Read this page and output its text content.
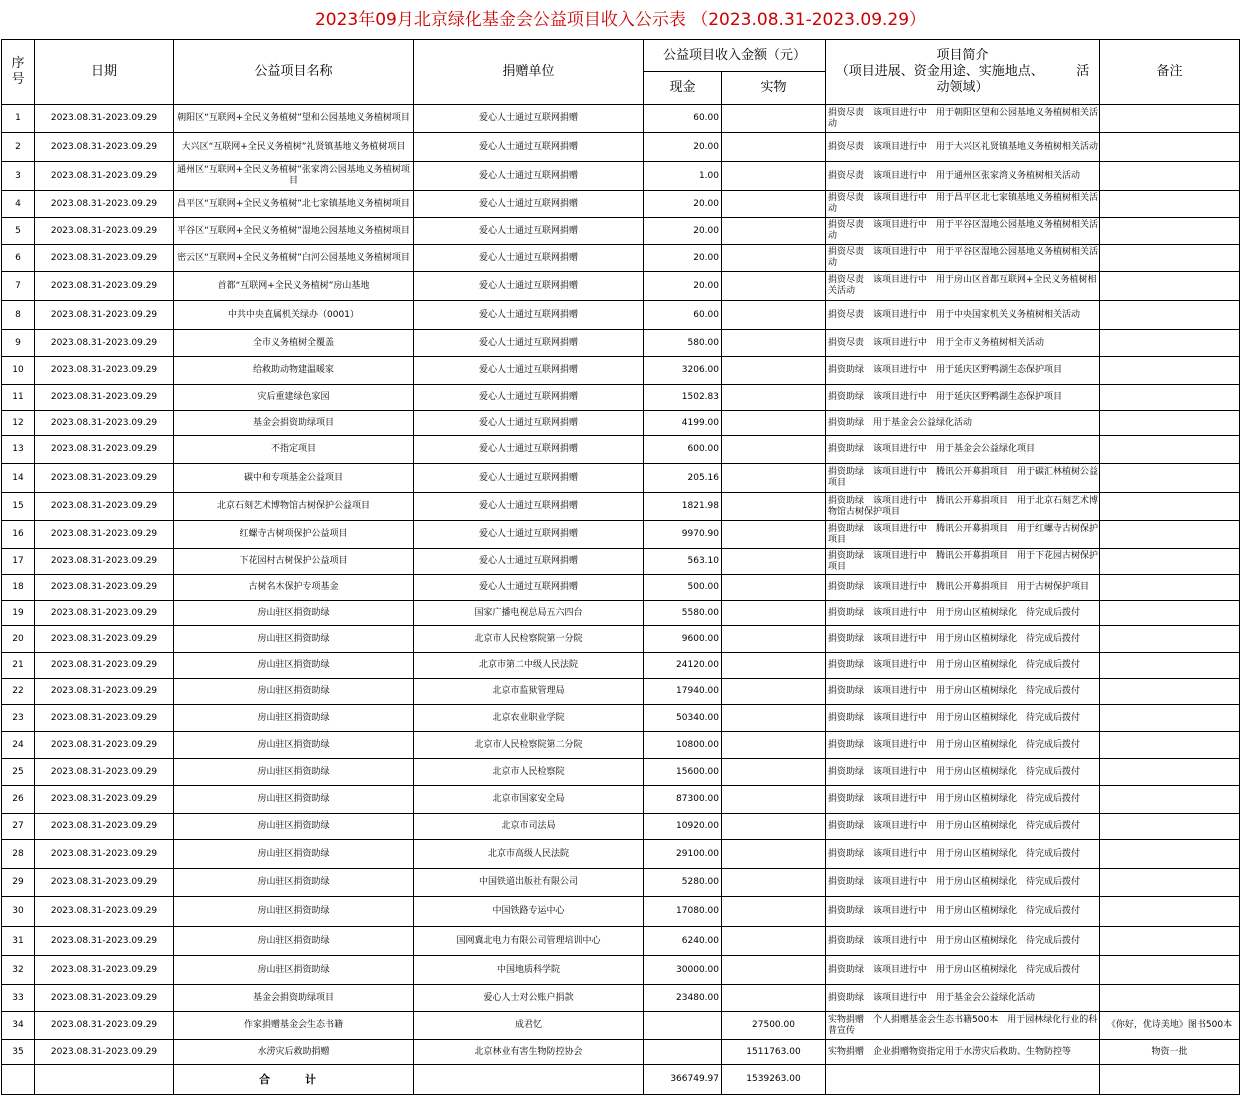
2023年09月北京绿化基金会公益项目收入公示表 （2023.08.31-2023.09.29）
序
号	日期	公益项目名称	捐赠单位	公益项目收入金额（元）		项目简介
（项目进展、资金用途、实施地点、　　　活
动领域）	备注
				现金	实物		
1	2023.08.31-2023.09.29	朝阳区“互联网+全民义务植树”望和公园基地义务植树项目	爱心人士通过互联网捐赠	60.00		捐资尽责　该项目进行中　用于朝阳区望和公园基地义务植树相关活动	
2	2023.08.31-2023.09.29	大兴区“互联网+全民义务植树”礼贤镇基地义务植树项目	爱心人士通过互联网捐赠	20.00		捐资尽责　该项目进行中　用于大兴区礼贤镇基地义务植树相关活动	
3	2023.08.31-2023.09.29	通州区“互联网+全民义务植树”张家湾公园基地义务植树项目	爱心人士通过互联网捐赠	1.00		捐资尽责　该项目进行中　用于通州区张家湾义务植树相关活动	
4	2023.08.31-2023.09.29	昌平区“互联网+全民义务植树”北七家镇基地义务植树项目	爱心人士通过互联网捐赠	20.00		捐资尽责　该项目进行中　用于昌平区北七家镇基地义务植树相关活动	
5	2023.08.31-2023.09.29	平谷区“互联网+全民义务植树”湿地公园基地义务植树项目	爱心人士通过互联网捐赠	20.00		捐资尽责　该项目进行中　用于平谷区湿地公园基地义务植树相关活动	
6	2023.08.31-2023.09.29	密云区“互联网+全民义务植树”白河公园基地义务植树项目	爱心人士通过互联网捐赠	20.00		捐资尽责　该项目进行中　用于平谷区湿地公园基地义务植树相关活动	
7	2023.08.31-2023.09.29	首都“互联网+全民义务植树”房山基地	爱心人士通过互联网捐赠	20.00		捐资尽责　该项目进行中　用于房山区首都互联网+全民义务植树相关活动	
8	2023.08.31-2023.09.29	中共中央直属机关绿办（0001）	爱心人士通过互联网捐赠	60.00		捐资尽责　该项目进行中　用于中央国家机关义务植树相关活动	
9	2023.08.31-2023.09.29	全市义务植树全覆盖	爱心人士通过互联网捐赠	580.00		捐资尽责　该项目进行中　用于全市义务植树相关活动	
10	2023.08.31-2023.09.29	给救助动物建温暖家	爱心人士通过互联网捐赠	3206.00		捐资助绿　该项目进行中　用于延庆区野鸭湖生态保护项目	
11	2023.08.31-2023.09.29	灾后重建绿色家园	爱心人士通过互联网捐赠	1502.83		捐资助绿　该项目进行中　用于延庆区野鸭湖生态保护项目	
12	2023.08.31-2023.09.29	基金会捐资助绿项目	爱心人士通过互联网捐赠	4199.00		捐资助绿　用于基金会公益绿化活动	
13	2023.08.31-2023.09.29	不指定项目	爱心人士通过互联网捐赠	600.00		捐资助绿　该项目进行中　用于基金会公益绿化项目	
14	2023.08.31-2023.09.29	碳中和专项基金公益项目	爱心人士通过互联网捐赠	205.16		捐资助绿　该项目进行中　腾讯公开募捐项目　用于碳汇林植树公益项目	
15	2023.08.31-2023.09.29	北京石刻艺术博物馆古树保护公益项目	爱心人士通过互联网捐赠	1821.98		捐资助绿　该项目进行中　腾讯公开募捐项目　用于北京石刻艺术博物馆古树保护项目	
16	2023.08.31-2023.09.29	红螺寺古树项保护公益项目	爱心人士通过互联网捐赠	9970.90		捐资助绿　该项目进行中　腾讯公开募捐项目　用于红螺寺古树保护项目	
17	2023.08.31-2023.09.29	下花园村古树保护公益项目	爱心人士通过互联网捐赠	563.10		捐资助绿　该项目进行中　腾讯公开募捐项目　用于下花园古树保护项目	
18	2023.08.31-2023.09.29	古树名木保护专项基金	爱心人士通过互联网捐赠	500.00		捐资助绿　该项目进行中　腾讯公开募捐项目　用于古树保护项目	
19	2023.08.31-2023.09.29	房山驻区捐资助绿	国家广播电视总局五六四台	5580.00		捐资助绿　该项目进行中　用于房山区植树绿化　待完成后拨付	
20	2023.08.31-2023.09.29	房山驻区捐资助绿	北京市人民检察院第一分院	9600.00		捐资助绿　该项目进行中　用于房山区植树绿化　待完成后拨付	
21	2023.08.31-2023.09.29	房山驻区捐资助绿	北京市第二中级人民法院	24120.00		捐资助绿　该项目进行中　用于房山区植树绿化　待完成后拨付	
22	2023.08.31-2023.09.29	房山驻区捐资助绿	北京市监狱管理局	17940.00		捐资助绿　该项目进行中　用于房山区植树绿化　待完成后拨付	
23	2023.08.31-2023.09.29	房山驻区捐资助绿	北京农业职业学院	50340.00		捐资助绿　该项目进行中　用于房山区植树绿化　待完成后拨付	
24	2023.08.31-2023.09.29	房山驻区捐资助绿	北京市人民检察院第二分院	10800.00		捐资助绿　该项目进行中　用于房山区植树绿化　待完成后拨付	
25	2023.08.31-2023.09.29	房山驻区捐资助绿	北京市人民检察院	15600.00		捐资助绿　该项目进行中　用于房山区植树绿化　待完成后拨付	
26	2023.08.31-2023.09.29	房山驻区捐资助绿	北京市国家安全局	87300.00		捐资助绿　该项目进行中　用于房山区植树绿化　待完成后拨付	
27	2023.08.31-2023.09.29	房山驻区捐资助绿	北京市司法局	10920.00		捐资助绿　该项目进行中　用于房山区植树绿化　待完成后拨付	
28	2023.08.31-2023.09.29	房山驻区捐资助绿	北京市高级人民法院	29100.00		捐资助绿　该项目进行中　用于房山区植树绿化　待完成后拨付	
29	2023.08.31-2023.09.29	房山驻区捐资助绿	中国铁道出版社有限公司	5280.00		捐资助绿　该项目进行中　用于房山区植树绿化　待完成后拨付	
30	2023.08.31-2023.09.29	房山驻区捐资助绿	中国铁路专运中心	17080.00		捐资助绿　该项目进行中　用于房山区植树绿化　待完成后拨付	
31	2023.08.31-2023.09.29	房山驻区捐资助绿	国网冀北电力有限公司管理培训中心	6240.00		捐资助绿　该项目进行中　用于房山区植树绿化　待完成后拨付	
32	2023.08.31-2023.09.29	房山驻区捐资助绿	中国地质科学院	30000.00		捐资助绿　该项目进行中　用于房山区植树绿化　待完成后拨付	
33	2023.08.31-2023.09.29	基金会捐资助绿项目	爱心人士对公账户捐款	23480.00		捐资助绿　该项目进行中　用于基金会公益绿化活动	
34	2023.08.31-2023.09.29	作家捐赠基金会生态书籍	成君忆		27500.00	实物捐赠　个人捐赠基金会生态书籍500本　用于园林绿化行业的科普宣传	《你好，优诗美地》图书500本
35	2023.08.31-2023.09.29	水涝灾后救助捐赠	北京林业有害生物防控协会		1511763.00	实物捐赠　企业捐赠物资指定用于水涝灾后救助、生物防控等	物资一批
		合　计		366749.97	1539263.00		
